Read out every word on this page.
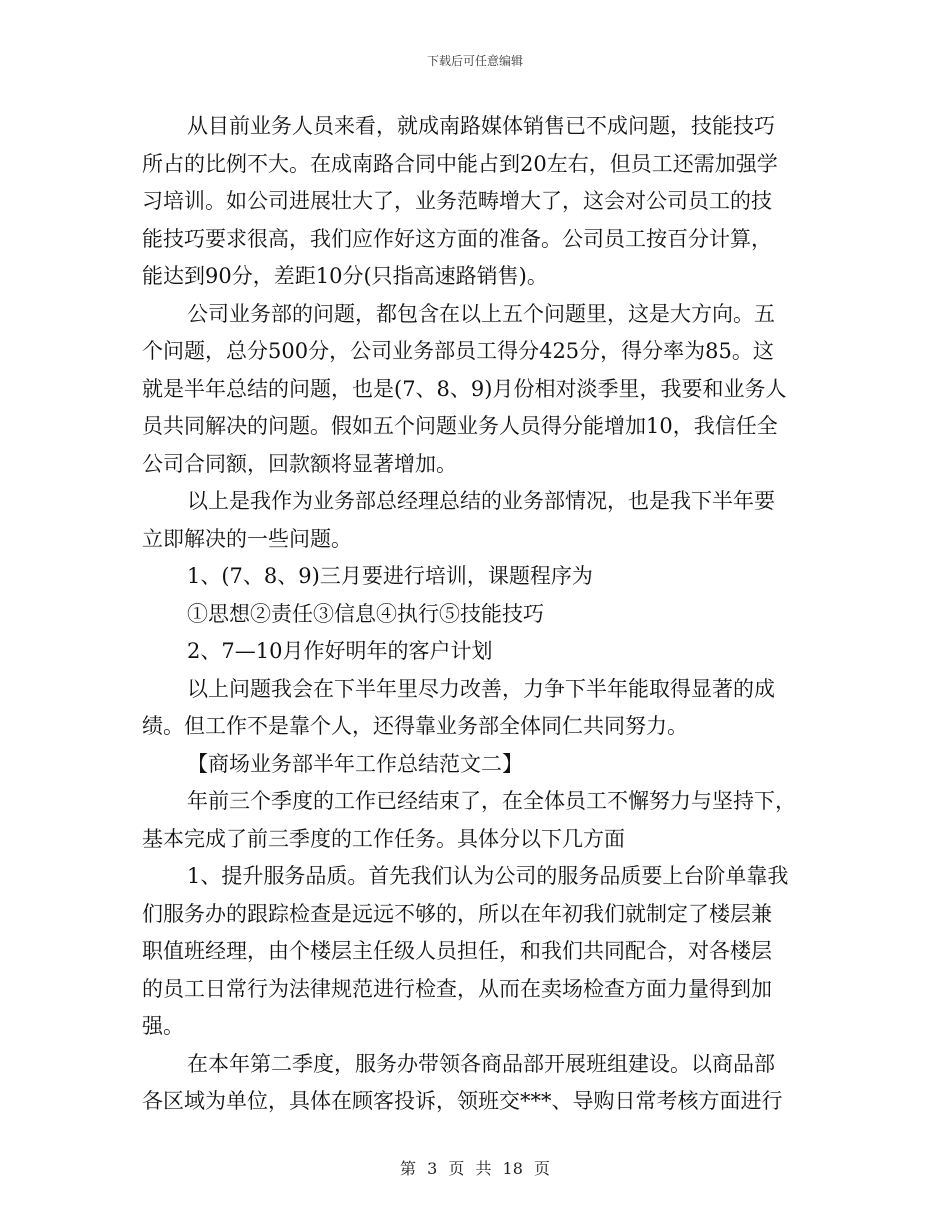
下载后可任意编辑
从目前业务人员来看，就成南路媒体销售已不成问题，技能技巧
所占的比例不大。在成南路合同中能占到20左右，但员工还需加强学
习培训。如公司进展壮大了，业务范畴增大了，这会对公司员工的技
能技巧要求很高，我们应作好这方面的准备。公司员工按百分计算，
能达到90分，差距10分(只指高速路销售)。
公司业务部的问题，都包含在以上五个问题里，这是大方向。五
个问题，总分500分，公司业务部员工得分425分，得分率为85。这
就是半年总结的问题，也是(7、8、9)月份相对淡季里，我要和业务人
员共同解决的问题。假如五个问题业务人员得分能增加10，我信任全
公司合同额，回款额将显著增加。
以上是我作为业务部总经理总结的业务部情况，也是我下半年要
立即解决的一些问题。
1、(7、8、9)三月要进行培训，课题程序为
①思想②责任③信息④执行⑤技能技巧
2、7—10月作好明年的客户计划
以上问题我会在下半年里尽力改善，力争下半年能取得显著的成
绩。但工作不是靠个人，还得靠业务部全体同仁共同努力。
【商场业务部半年工作总结范文二】
年前三个季度的工作已经结束了，在全体员工不懈努力与坚持下，
基本完成了前三季度的工作任务。具体分以下几方面
1、提升服务品质。首先我们认为公司的服务品质要上台阶单靠我
们服务办的跟踪检查是远远不够的，所以在年初我们就制定了楼层兼
职值班经理，由个楼层主任级人员担任，和我们共同配合，对各楼层
的员工日常行为法律规范进行检查，从而在卖场检查方面力量得到加
强。
在本年第二季度，服务办带领各商品部开展班组建设。以商品部
各区域为单位，具体在顾客投诉，领班交***、导购日常考核方面进行
第 3 页 共 18 页
